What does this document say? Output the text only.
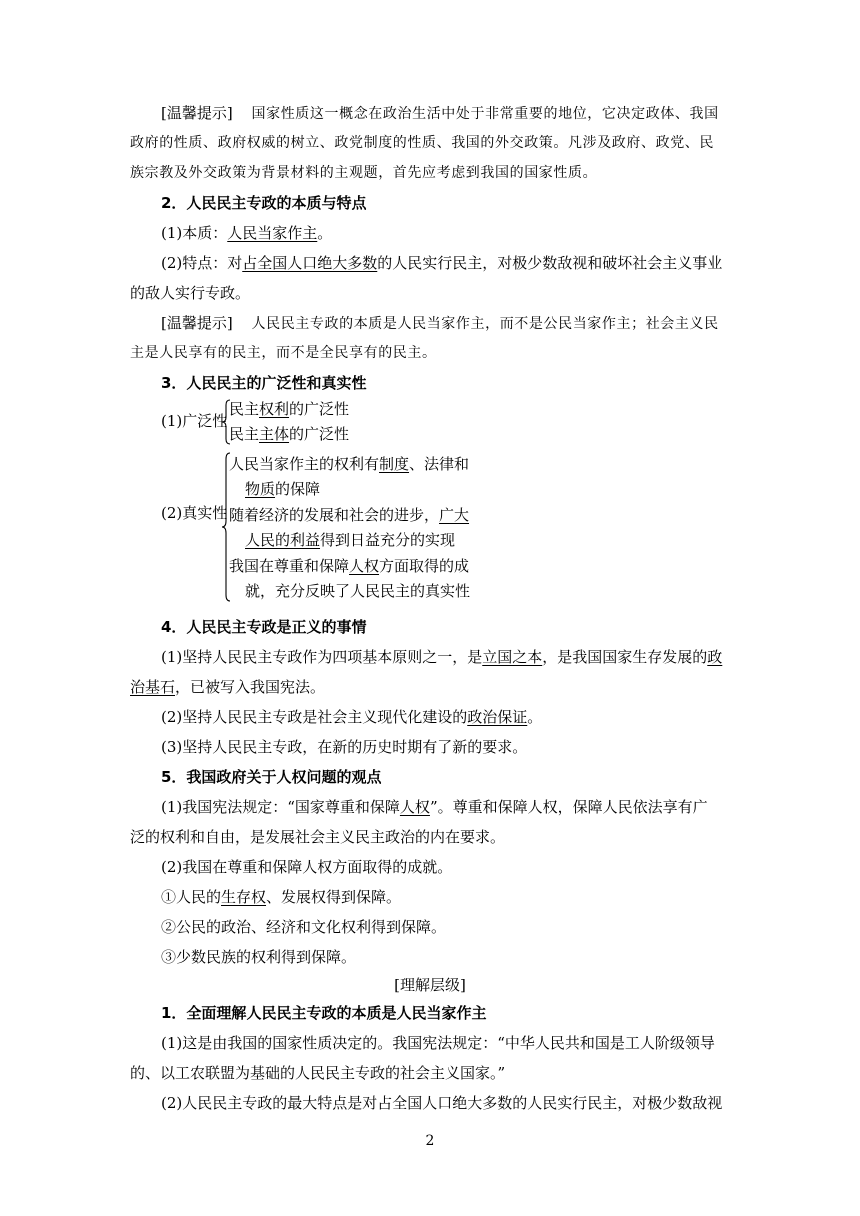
[温馨提示] 国家性质这一概念在政治生活中处于非常重要的地位，它决定政体、我国
政府的性质、政府权威的树立、政党制度的性质、我国的外交政策。凡涉及政府、政党、民
族宗教及外交政策为背景材料的主观题，首先应考虑到我国的国家性质。
2．人民民主专政的本质与特点
(1)本质：人民当家作主。
(2)特点：对占全国人口绝大多数的人民实行民主，对极少数敌视和破坏社会主义事业
的敌人实行专政。
[温馨提示] 人民民主专政的本质是人民当家作主，而不是公民当家作主；社会主义民
主是人民享有的民主，而不是全民享有的民主。
3．人民民主的广泛性和真实性
(1)广泛性
民主权利的广泛性
民主主体的广泛性
(2)真实性
人民当家作主的权利有制度、法律和
物质的保障
随着经济的发展和社会的进步，广大
人民的利益得到日益充分的实现
我国在尊重和保障人权方面取得的成
就，充分反映了人民民主的真实性
4．人民民主专政是正义的事情
(1)坚持人民民主专政作为四项基本原则之一，是立国之本，是我国国家生存发展的政
治基石，已被写入我国宪法。
(2)坚持人民民主专政是社会主义现代化建设的政治保证。
(3)坚持人民民主专政，在新的历史时期有了新的要求。
5．我国政府关于人权问题的观点
(1)我国宪法规定：“国家尊重和保障人权”。尊重和保障人权，保障人民依法享有广
泛的权利和自由，是发展社会主义民主政治的内在要求。
(2)我国在尊重和保障人权方面取得的成就。
①人民的生存权、发展权得到保障。
②公民的政治、经济和文化权利得到保障。
③少数民族的权利得到保障。
[理解层级]
1．全面理解人民民主专政的本质是人民当家作主
(1)这是由我国的国家性质决定的。我国宪法规定：“中华人民共和国是工人阶级领导
的、以工农联盟为基础的人民民主专政的社会主义国家。”
(2)人民民主专政的最大特点是对占全国人口绝大多数的人民实行民主，对极少数敌视
2
